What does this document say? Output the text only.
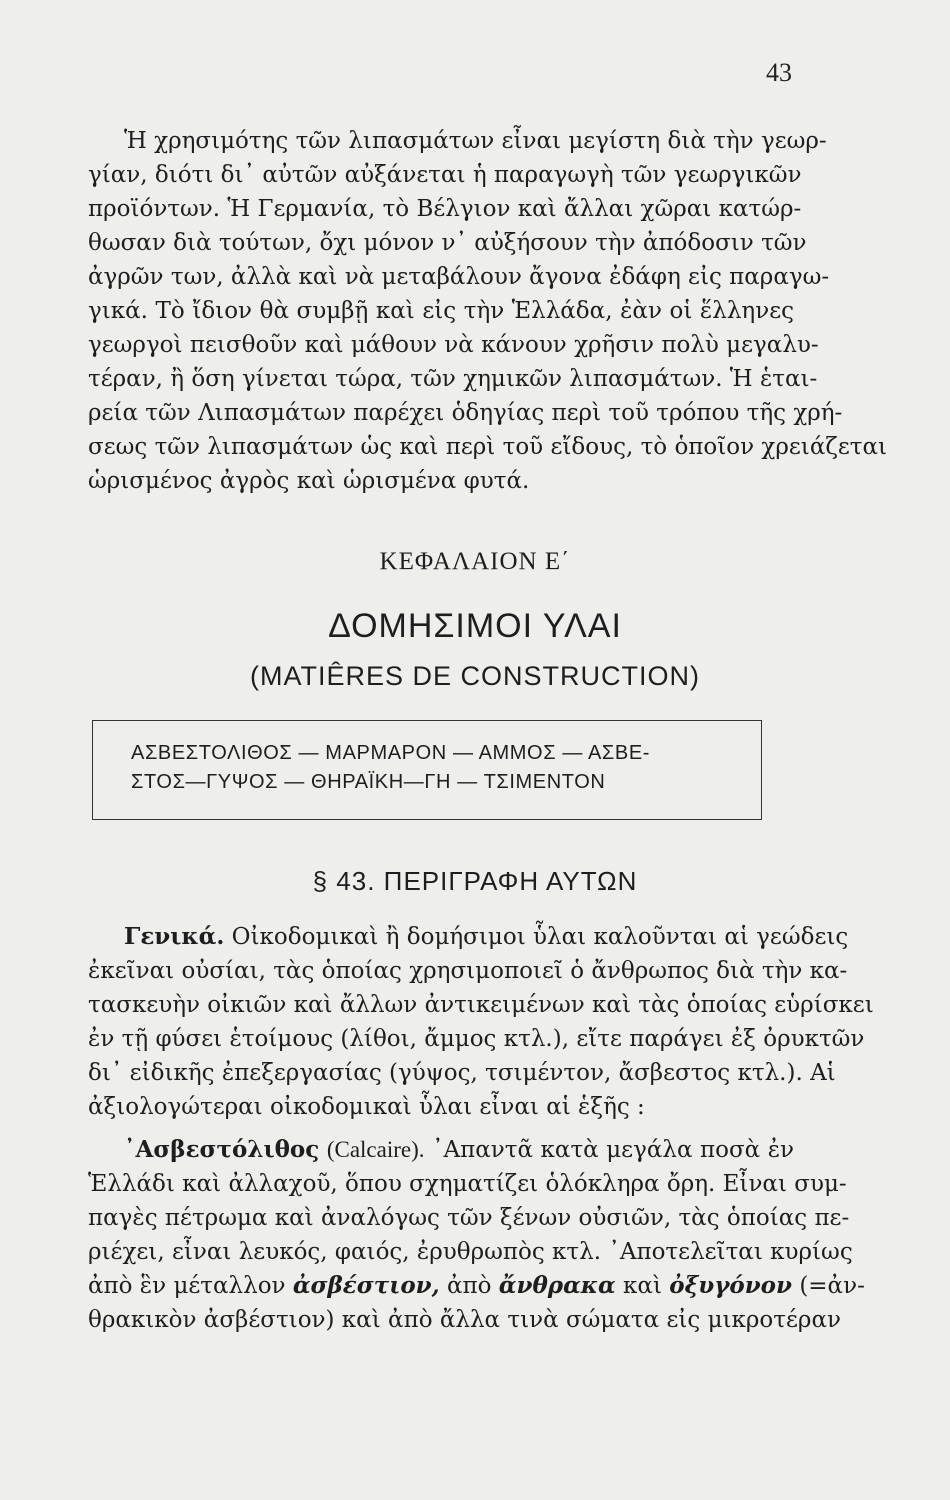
43
Ἡ χρησιμότης τῶν λιπασμάτων εἶναι μεγίστη διὰ τὴν γεωρ-
γίαν, διότι δι᾽ αὐτῶν αὐξάνεται ἡ παραγωγὴ τῶν γεωργικῶν
προϊόντων. Ἡ Γερμανία, τὸ Βέλγιον καὶ ἄλλαι χῶραι κατώρ-
θωσαν διὰ τούτων, ὄχι μόνον ν᾽ αὐξήσουν τὴν ἀπόδοσιν τῶν
ἀγρῶν των, ἀλλὰ καὶ νὰ μεταβάλουν ἄγονα ἐδάφη εἰς παραγω-
γικά. Τὸ ἴδιον θὰ συμβῇ καὶ εἰς τὴν Ἑλλάδα, ἐὰν οἱ ἕλληνες
γεωργοὶ πεισθοῦν καὶ μάθουν νὰ κάνουν χρῆσιν πολὺ μεγαλυ-
τέραν, ἢ ὅση γίνεται τώρα, τῶν χημικῶν λιπασμάτων. Ἡ ἑται-
ρεία τῶν Λιπασμάτων παρέχει ὁδηγίας περὶ τοῦ τρόπου τῆς χρή-
σεως τῶν λιπασμάτων ὡς καὶ περὶ τοῦ εἴδους, τὸ ὁποῖον χρειάζεται
ὡρισμένος ἀγρὸς καὶ ὡρισμένα φυτά.
ΚΕΦΑΛΑΙΟΝ Ε΄
ΔΟΜΗΣΙΜΟΙ ΥΛΑΙ
(MATIÊRES DE CONSTRUCTION)
ΑΣΒΕΣΤΟΛΙΘΟΣ — ΜΑΡΜΑΡΟΝ — ΑΜΜΟΣ — ΑΣΒΕ-
ΣΤΟΣ—ΓΥΨΟΣ — ΘΗΡΑΪΚΗ—ΓΗ — ΤΣΙΜΕΝΤΟΝ
§ 43. ΠΕΡΙΓΡΑΦΗ ΑΥΤΩΝ
Γενικά. Οἰκοδομικαὶ ἢ δομήσιμοι ὗλαι καλοῦνται αἱ γεώδεις
ἐκεῖναι οὐσίαι, τὰς ὁποίας χρησιμοποιεῖ ὁ ἄνθρωπος διὰ τὴν κα-
τασκευὴν οἰκιῶν καὶ ἄλλων ἀντικειμένων καὶ τὰς ὁποίας εὑρίσκει
ἐν τῇ φύσει ἑτοίμους (λίθοι, ἄμμος κτλ.), εἴτε παράγει ἐξ ὀρυκτῶν
δι᾽ εἰδικῆς ἐπεξεργασίας (γύψος, τσιμέντον, ἄσβεστος κτλ.). Αἱ
ἀξιολογώτεραι οἰκοδομικαὶ ὗλαι εἶναι αἱ ἑξῆς :
᾽Ασβεστόλιθος (Calcaire). ᾽Απαντᾶ κατὰ μεγάλα ποσὰ ἐν
Ἑλλάδι καὶ ἀλλαχοῦ, ὅπου σχηματίζει ὁλόκληρα ὄρη. Εἶναι συμ-
παγὲς πέτρωμα καὶ ἀναλόγως τῶν ξένων οὐσιῶν, τὰς ὁποίας πε-
ριέχει, εἶναι λευκός, φαιός, ἐρυθρωπὸς κτλ. ᾽Αποτελεῖται κυρίως
ἀπὸ ἓν μέταλλον ἀσβέστιον, ἀπὸ ἄνθρακα καὶ ὀξυγόνον (=ἀν-
θρακικὸν ἀσβέστιον) καὶ ἀπὸ ἄλλα τινὰ σώματα εἰς μικροτέραν
